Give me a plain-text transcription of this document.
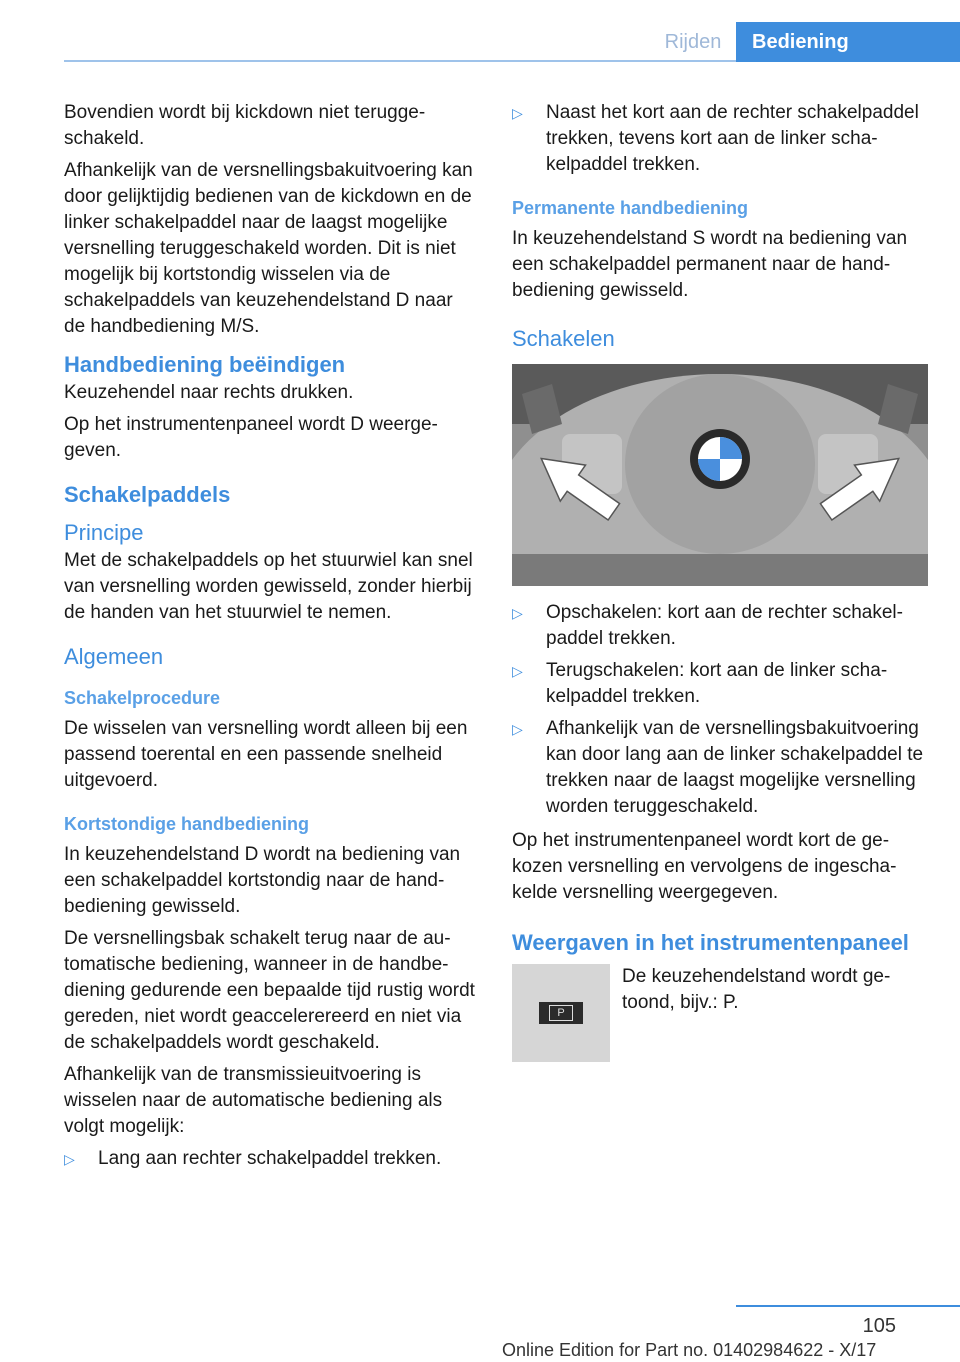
Rijden	Bediening

Bovendien wordt bij kickdown niet teruggeschakeld.

Afhankelijk van de versnellingsbakuitvoering kan door gelijktijdig bedienen van de kickdown en de linker schakelpaddel naar de laagst mogelijke versnelling teruggeschakeld worden. Dit is niet mogelijk bij kortstondig wisselen via de schakelpaddels van keuzehendelstand D naar de handbediening M/S.

Handbediening beëindigen

Keuzehendel naar rechts drukken.

Op het instrumentenpaneel wordt D weergegeven.

Schakelpaddels
Principe

Met de schakelpaddels op het stuurwiel kan snel van versnelling worden gewisseld, zonder hierbij de handen van het stuurwiel te nemen.

Algemeen
Schakelprocedure

De wisselen van versnelling wordt alleen bij een passend toerental en een passende snelheid uitgevoerd.

Kortstondige handbediening

In keuzehendelstand D wordt na bediening van een schakelpaddel kortstondig naar de handbediening gewisseld.

De versnellingsbak schakelt terug naar de automatische bediening, wanneer in de handbediening gedurende een bepaalde tijd rustig wordt gereden, niet wordt geaccelerereerd en niet via de schakelpaddels wordt geschakeld.

Afhankelijk van de transmissieuitvoering is wisselen naar de automatische bediening als volgt mogelijk:

▷ Lang aan rechter schakelpaddel trekken.
▷ Naast het kort aan de rechter schakelpaddel trekken, tevens kort aan de linker schakelpaddel trekken.
Permanente handbediening

In keuzehendelstand S wordt na bediening van een schakelpaddel permanent naar de handbediening gewisseld.

Schakelen
▷ Opschakelen: kort aan de rechter schakelpaddel trekken.
▷ Terugschakelen: kort aan de linker schakelpaddel trekken.
▷ Afhankelijk van de versnellingsbakuitvoering kan door lang aan de linker schakelpaddel te trekken naar de laagst mogelijke versnelling worden teruggeschakeld.

Op het instrumentenpaneel wordt kort de gekozen versnelling en vervolgens de ingeschakelde versnelling weergegeven.

Weergaven in het instrumentenpaneel
P

De keuzehendelstand wordt getoond, bijv.: P.

105
Online Edition for Part no. 01402984622 - X/17
